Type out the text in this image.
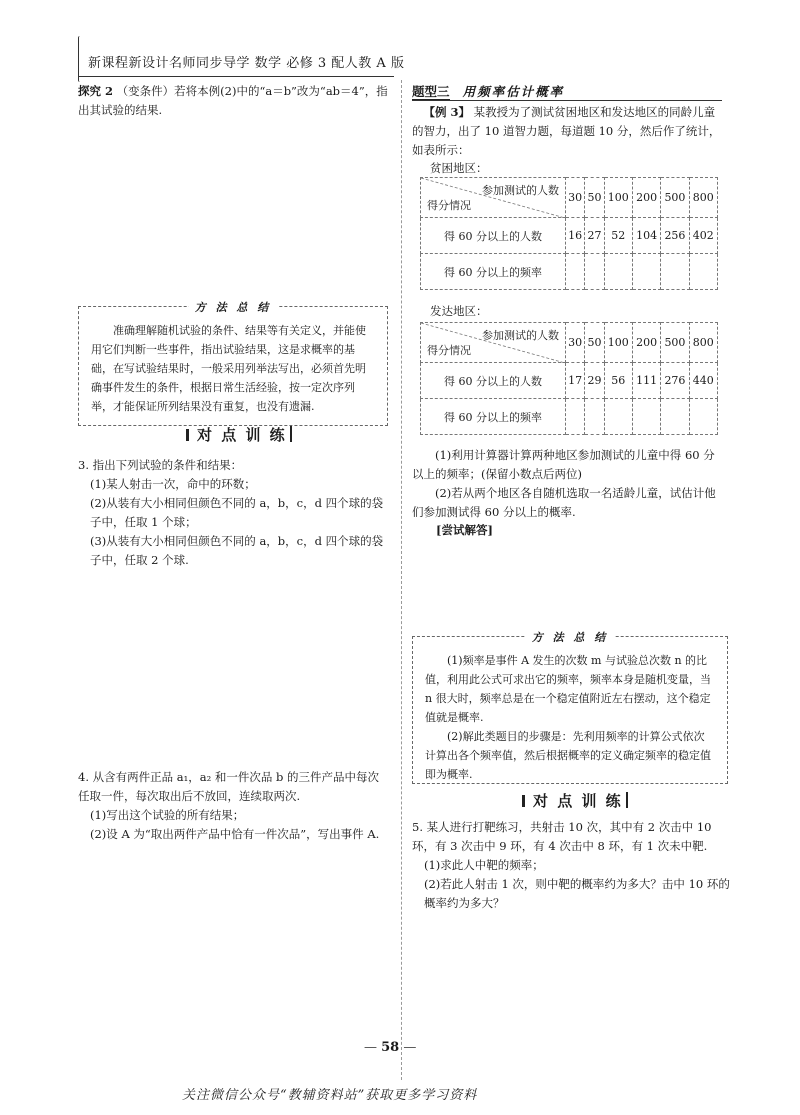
新课程新设计名师同步导学 数学 必修 3 配人教 A 版
探究 2 （变条件）若将本例(2)中的“a＝b”改为“ab＝4”，指出其试验的结果.
方 法 总 结

准确理解随机试验的条件、结果等有关定义，并能使用它们判断一些事件，指出试验结果，这是求概率的基础，在写试验结果时，一般采用列举法写出，必须首先明确事件发生的条件，根据日常生活经验，按一定次序列举，才能保证所列结果没有重复，也没有遗漏.

对 点 训 练

3. 指出下列试验的条件和结果：

(1)某人射击一次，命中的环数；

(2)从装有大小相同但颜色不同的 a，b，c，d 四个球的袋子中，任取 1 个球；

(3)从装有大小相同但颜色不同的 a，b，c，d 四个球的袋子中，任取 2 个球.

4. 从含有两件正品 a₁，a₂ 和一件次品 b 的三件产品中每次任取一件，每次取出后不放回，连续取两次.

(1)写出这个试验的所有结果；

(2)设 A 为“取出两件产品中恰有一件次品”，写出事件 A.

题型三 用频率估计概率
【例 3】 某教授为了测试贫困地区和发达地区的同龄儿童的智力，出了 10 道智力题，每道题 10 分，然后作了统计，如表所示：
贫困地区：
参加测试的人数
得分情况	30	50	100	200	500	800
得 60 分以上的人数	16	27	52	104	256	402
得 60 分以上的频率						
发达地区：
参加测试的人数
得分情况	30	50	100	200	500	800
得 60 分以上的人数	17	29	56	111	276	440
得 60 分以上的频率						
(1)利用计算器计算两种地区参加测试的儿童中得 60 分以上的频率；(保留小数点后两位)
(2)若从两个地区各自随机选取一名适龄儿童，试估计他们参加测试得 60 分以上的概率.
[尝试解答]
方 法 总 结

(1)频率是事件 A 发生的次数 m 与试验总次数 n 的比值，利用此公式可求出它的频率，频率本身是随机变量，当 n 很大时，频率总是在一个稳定值附近左右摆动，这个稳定值就是概率.

(2)解此类题目的步骤是：先利用频率的计算公式依次计算出各个频率值，然后根据概率的定义确定频率的稳定值即为概率.

对 点 训 练

5. 某人进行打靶练习，共射击 10 次，其中有 2 次击中 10 环，有 3 次击中 9 环，有 4 次击中 8 环，有 1 次未中靶.

(1)求此人中靶的频率；

(2)若此人射击 1 次，则中靶的概率约为多大？击中 10 环的概率约为多大？

— 58 —
关注微信公众号“教辅资料站”获取更多学习资料
